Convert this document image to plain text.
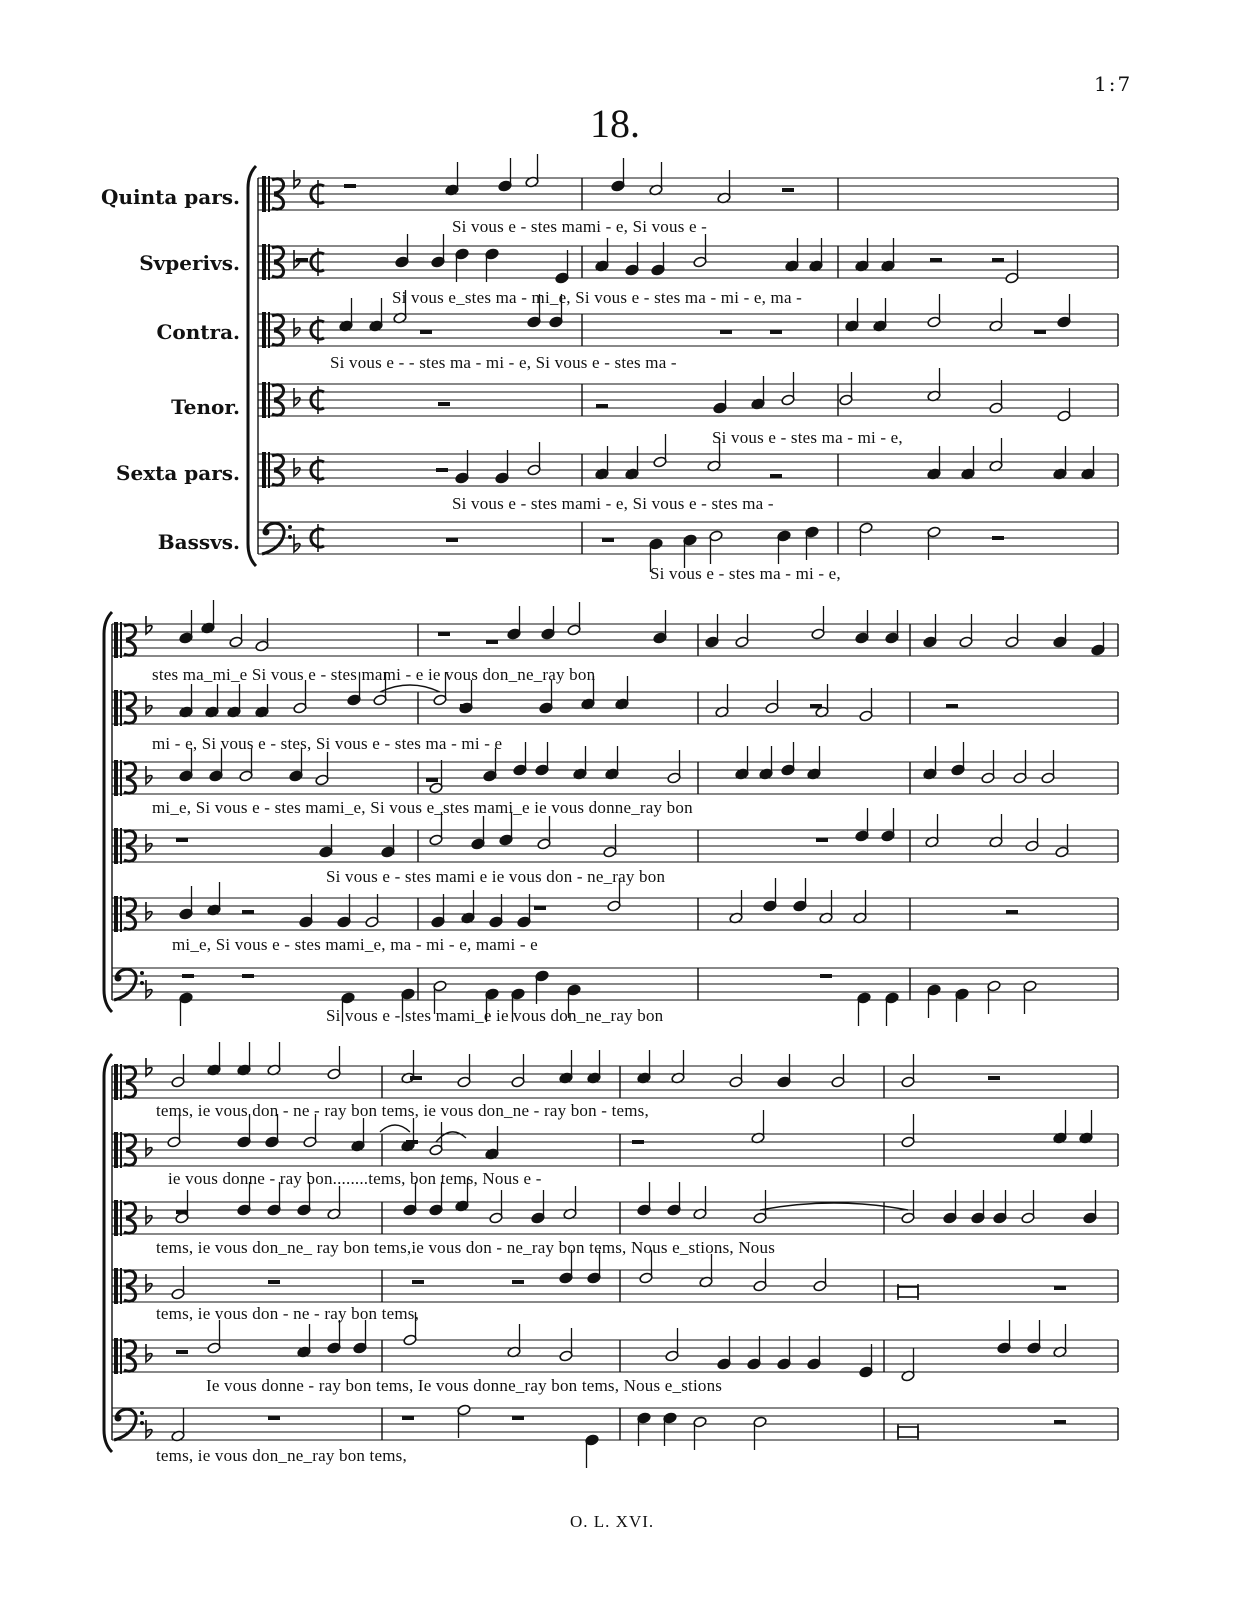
1:7
18.
Quinta pars.
Svperivs.
Contra.
Tenor.
Sexta pars.
Bassvs.
Si vous e - stes mami - e, Si vous e -
Si vous e_stes ma - mi_e, Si vous e - stes ma - mi - e, ma -
Si vous e - - stes ma - mi - e, Si vous e - stes ma -
Si vous e - stes ma - mi - e,
Si vous e - stes mami - e, Si vous e - stes ma -
Si vous e - stes ma - mi - e,
stes ma_mi_e Si vous e - stes mami - e ie vous don_ne_ray bon
mi - e, Si vous e - stes, Si vous e - stes ma - mi - e
mi_e, Si vous e - stes mami_e, Si vous e_stes mami_e ie vous donne_ray bon
Si vous e - stes mami e ie vous don - ne_ray bon
mi_e, Si vous e - stes mami_e, ma - mi - e, mami - e
Si vous e - stes mami_e ie vous don_ne_ray bon
tems, ie vous don - ne - ray bon tems, ie vous don_ne - ray bon - tems,
ie vous donne - ray bon........tems, bon tems, Nous e -
tems, ie vous don_ne_ ray bon tems,ie vous don - ne_ray bon tems, Nous e_stions, Nous
tems, ie vous don - ne - ray bon tems,
Ie vous donne - ray bon tems, Ie vous donne_ray bon tems, Nous e_stions
tems, ie vous don_ne_ray bon tems,
O. L. XVI.
